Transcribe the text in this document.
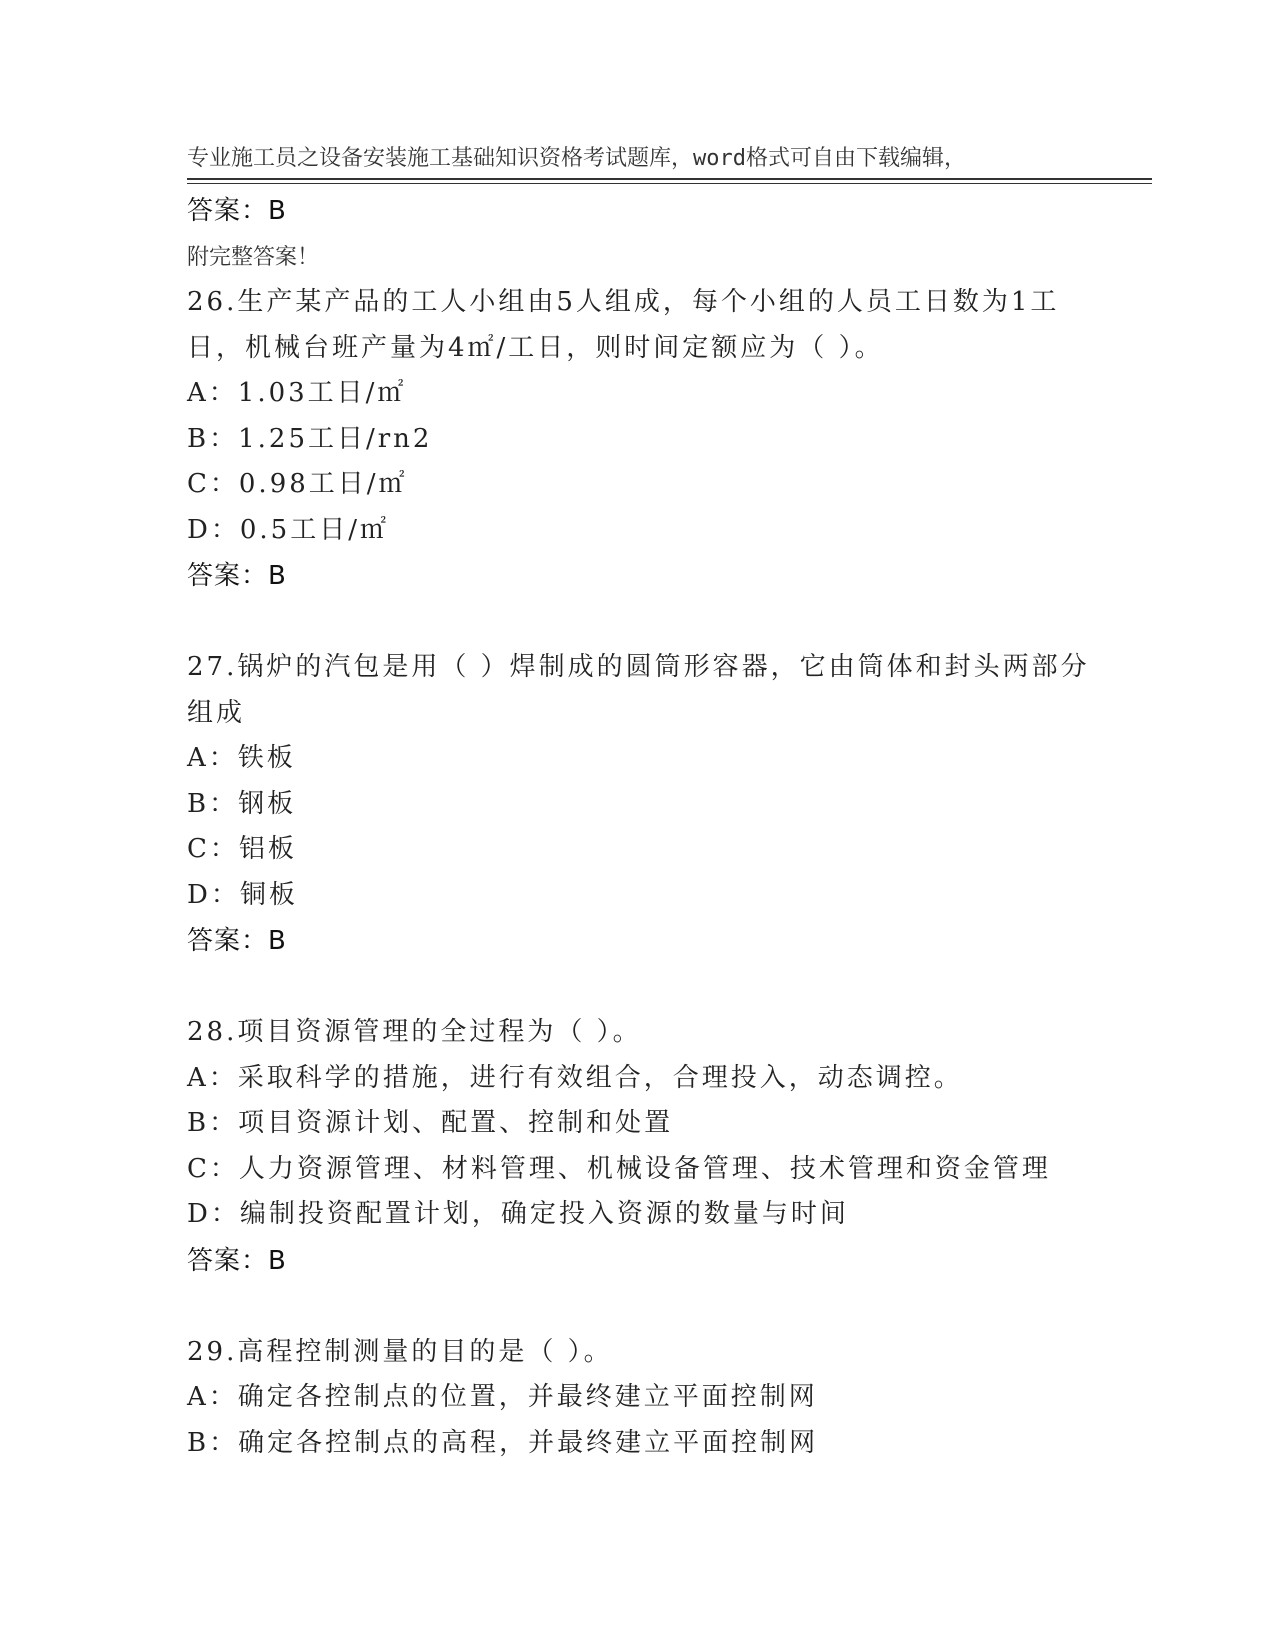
专业施工员之设备安装施工基础知识资格考试题库，word格式可自由下载编辑，

附完整答案！

答案：B
26.生产某产品的工人小组由5人组成，每个小组的人员工日数为1工日，机械台班产量为4㎡/工日，则时间定额应为（ ）。
A：1.03工日/㎡
B：1.25工日/rn2
C：0.98工日/㎡
D：0.5工日/㎡
答案：B
27.锅炉的汽包是用（ ）焊制成的圆筒形容器，它由筒体和封头两部分组成
A：铁板
B：钢板
C：铝板
D：铜板
答案：B
28.项目资源管理的全过程为（ ）。
A：采取科学的措施，进行有效组合，合理投入，动态调控。
B：项目资源计划、配置、控制和处置
C：人力资源管理、材料管理、机械设备管理、技术管理和资金管理
D：编制投资配置计划，确定投入资源的数量与时间
答案：B
29.高程控制测量的目的是（ ）。
A：确定各控制点的位置，并最终建立平面控制网
B：确定各控制点的高程，并最终建立平面控制网
